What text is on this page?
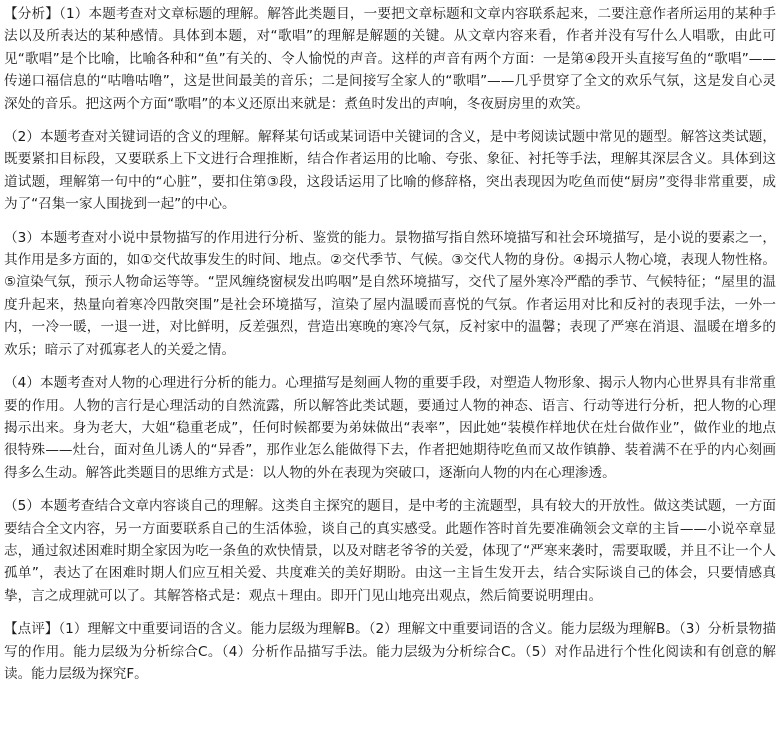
【分析】（1）本题考查对文章标题的理解。解答此类题目，一要把文章标题和文章内容联系起来，二要注意作者所运用的某种手法以及所表达的某种感情。具体到本题，对“歌唱”的理解是解题的关键。从文章内容来看，作者并没有写什么人唱歌，由此可见“歌唱”是个比喻，比喻各种和“鱼”有关的、令人愉悦的声音。这样的声音有两个方面：一是第④段开头直接写鱼的“歌唱”——传递口福信息的“咕噜咕噜”，这是世间最美的音乐；二是间接写全家人的“歌唱”——几乎贯穿了全文的欢乐气氛，这是发自心灵深处的音乐。把这两个方面“歌唱”的本义还原出来就是：煮鱼时发出的声响，冬夜厨房里的欢笑。

（2）本题考查对关键词语的含义的理解。解释某句话或某词语中关键词的含义，是中考阅读试题中常见的题型。解答这类试题，既要紧扣目标段，又要联系上下文进行合理推断，结合作者运用的比喻、夸张、象征、衬托等手法，理解其深层含义。具体到这道试题，理解第一句中的“心脏”，要扣住第③段，这段话运用了比喻的修辞格，突出表现因为吃鱼而使“厨房”变得非常重要，成为了“召集一家人围拢到一起”的中心。

（3）本题考查对小说中景物描写的作用进行分析、鉴赏的能力。景物描写指自然环境描写和社会环境描写，是小说的要素之一，其作用是多方面的，如①交代故事发生的时间、地点。②交代季节、气候。③交代人物的身份。④揭示人物心境，表现人物性格。⑤渲染气氛，预示人物命运等等。“罡风缠绕窗棂发出呜咽”是自然环境描写，交代了屋外寒冷严酷的季节、气候特征；“屋里的温度升起来，热量向着寒冷四散突围”是社会环境描写，渲染了屋内温暖而喜悦的气氛。作者运用对比和反衬的表现手法，一外一内，一冷一暖，一退一进，对比鲜明，反差强烈，营造出寒晚的寒冷气氛，反衬家中的温馨；表现了严寒在消退、温暖在增多的欢乐；暗示了对孤寡老人的关爱之情。

（4）本题考查对人物的心理进行分析的能力。心理描写是刻画人物的重要手段，对塑造人物形象、揭示人物内心世界具有非常重要的作用。人物的言行是心理活动的自然流露，所以解答此类试题，要通过人物的神态、语言、行动等进行分析，把人物的心理揭示出来。身为老大，大姐“稳重老成”，任何时候都要为弟妹做出“表率”，因此她“装模作样地伏在灶台做作业”，做作业的地点很特殊——灶台，面对鱼儿诱人的“异香”，那作业怎么能做得下去，作者把她期待吃鱼而又故作镇静、装着满不在乎的内心刻画得多么生动。解答此类题目的思维方式是：以人物的外在表现为突破口，逐渐向人物的内在心理渗透。

（5）本题考查结合文章内容谈自己的理解。这类自主探究的题目，是中考的主流题型，具有较大的开放性。做这类试题，一方面要结合全文内容，另一方面要联系自己的生活体验，谈自己的真实感受。此题作答时首先要准确领会文章的主旨——小说卒章显志，通过叙述困难时期全家因为吃一条鱼的欢快情景，以及对瞎老爷爷的关爱，体现了“严寒来袭时，需要取暖，并且不让一个人孤单”，表达了在困难时期人们应互相关爱、共度难关的美好期盼。由这一主旨生发开去，结合实际谈自己的体会，只要情感真挚，言之成理就可以了。其解答格式是：观点＋理由。即开门见山地亮出观点，然后简要说明理由。

【点评】（1）理解文中重要词语的含义。能力层级为理解B。（2）理解文中重要词语的含义。能力层级为理解B。（3）分析景物描写的作用。能力层级为分析综合C。（4）分析作品描写手法。能力层级为分析综合C。（5）对作品进行个性化阅读和有创意的解读。能力层级为探究F。
